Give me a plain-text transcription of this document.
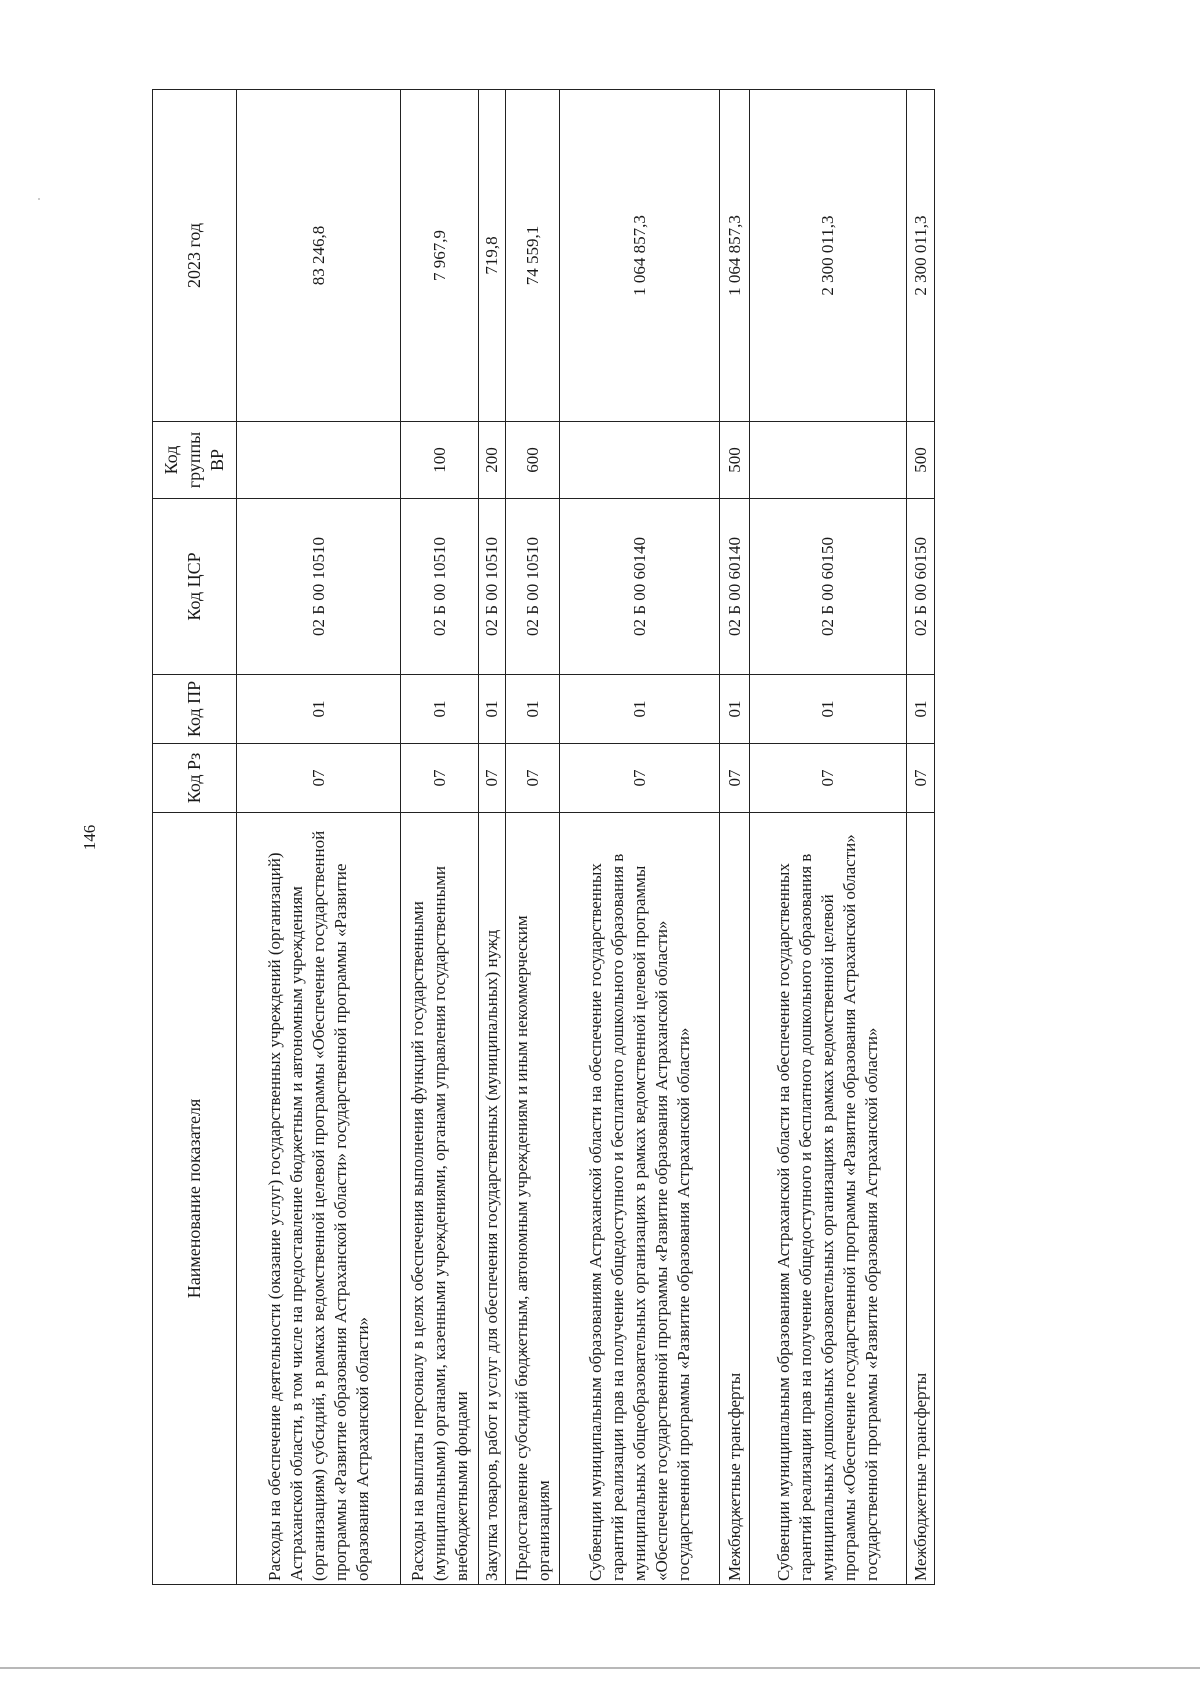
146
Наименование показателя	Код Рз	Код ПР	Код ЦСР	Код группы ВР	2023 год
Расходы на обеспечение деятельности (оказание услуг) государственных учреждений (организаций) Астраханской области, в том числе на предоставление бюджетным и автономным учреждениям (организациям) субсидий, в рамках ведомственной целевой программы «Обеспечение государственной программы «Развитие образования Астраханской области» государственной программы «Развитие образования Астраханской области»	07	01	02 Б 00 10510		83 246,8
Расходы на выплаты персоналу в целях обеспечения выполнения функций государственными (муниципальными) органами, казенными учреждениями, органами управления государственными внебюджетными фондами	07	01	02 Б 00 10510	100	7 967,9
Закупка товаров, работ и услуг для обеспечения государственных (муниципальных) нужд	07	01	02 Б 00 10510	200	719,8
Предоставление субсидий бюджетным, автономным учреждениям и иным некоммерческим организациям	07	01	02 Б 00 10510	600	74 559,1
Субвенции муниципальным образованиям Астраханской области на обеспечение государственных гарантий реализации прав на получение общедоступного и бесплатного дошкольного образования в муниципальных общеобразовательных организациях в рамках ведомственной целевой программы «Обеспечение государственной программы «Развитие образования Астраханской области» государственной программы «Развитие образования Астраханской области»	07	01	02 Б 00 60140		1 064 857,3
Межбюджетные трансферты	07	01	02 Б 00 60140	500	1 064 857,3
Субвенции муниципальным образованиям Астраханской области на обеспечение государственных гарантий реализации прав на получение общедоступного и бесплатного дошкольного образования в муниципальных дошкольных образовательных организациях в рамках ведомственной целевой программы «Обеспечение государственной программы «Развитие образования Астраханской области» государственной программы «Развитие образования Астраханской области»	07	01	02 Б 00 60150		2 300 011,3
Межбюджетные трансферты	07	01	02 Б 00 60150	500	2 300 011,3
